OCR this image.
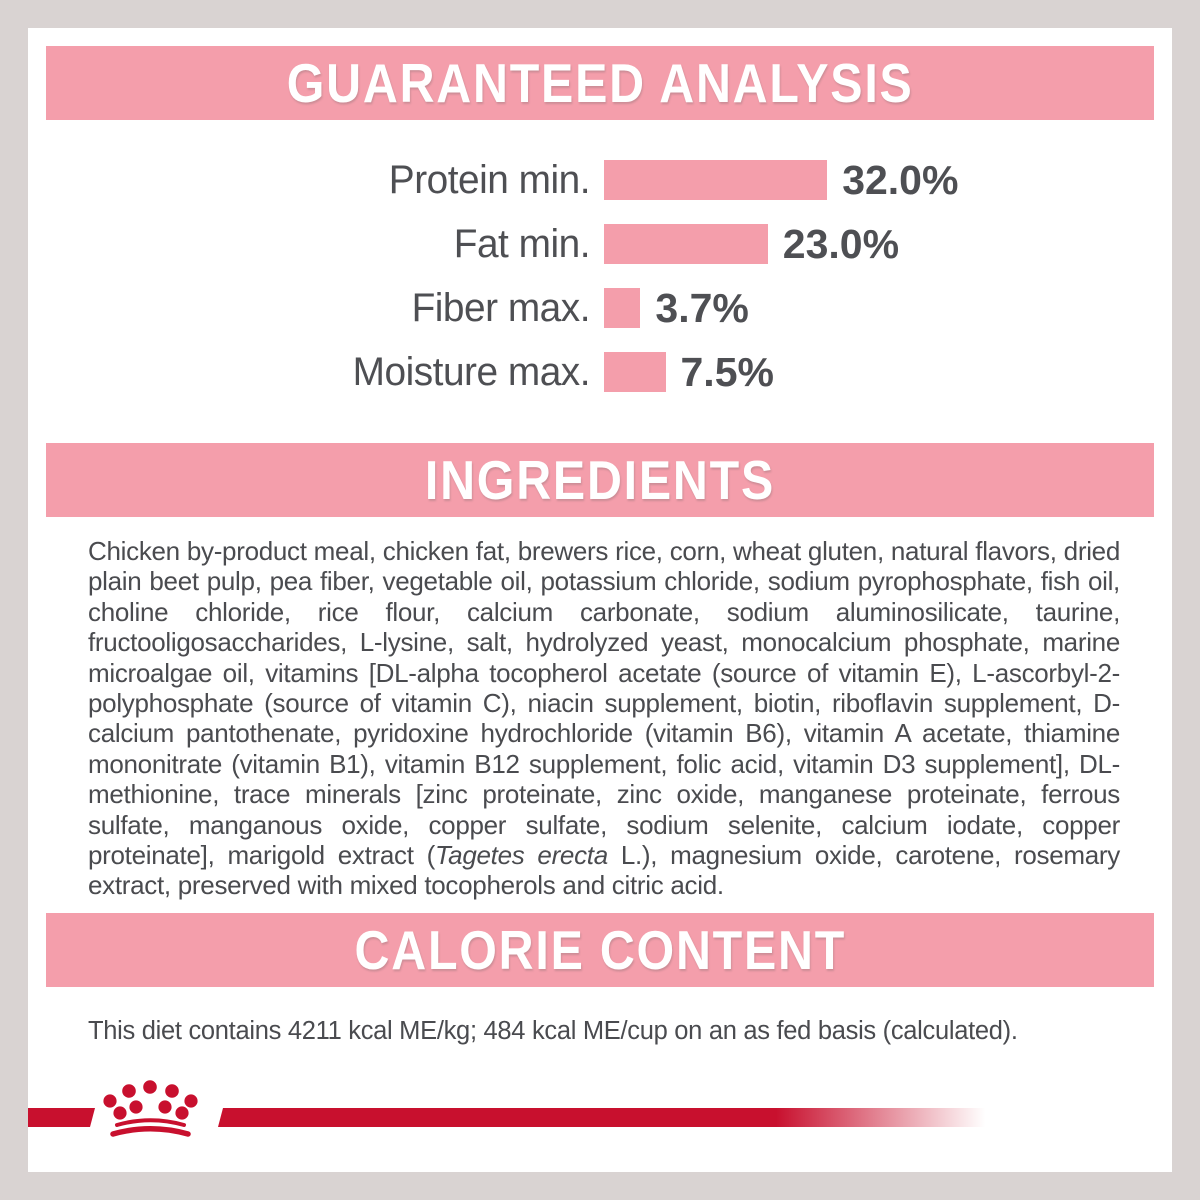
GUARANTEED ANALYSIS
Protein min.	32.0%
Fat min.	23.0%
Fiber max. 3.7%
Moisture max. 7.5%
INGREDIENTS

Chicken by-product meal, chicken fat, brewers rice, corn, wheat gluten, natural flavors, dried plain beet pulp, pea fiber, vegetable oil, potassium chloride, sodium pyrophosphate, fish oil, choline chloride, rice flour, calcium carbonate, sodium aluminosilicate, taurine, fructooligosaccharides, L-lysine, salt, hydrolyzed yeast, monocalcium phosphate, marine microalgae oil, vitamins [DL-alpha tocopherol acetate (source of vitamin E), L-ascorbyl-2-polyphosphate (source of vitamin C), niacin supplement, biotin, riboflavin supplement, D-calcium pantothenate, pyridoxine hydrochloride (vitamin B6), vitamin A acetate, thiamine mononitrate (vitamin B1), vitamin B12 supplement, folic acid, vitamin D3 supplement], DL-methionine, trace minerals [zinc proteinate, zinc oxide, manganese proteinate, ferrous sulfate, manganous oxide, copper sulfate, sodium selenite, calcium iodate, copper proteinate], marigold extract (Tagetes erecta L.), magnesium oxide, carotene, rosemary extract, preserved with mixed tocopherols and citric acid.

CALORIE CONTENT

This diet contains 4211 kcal ME/kg; 484 kcal ME/cup on an as fed basis (calculated).
